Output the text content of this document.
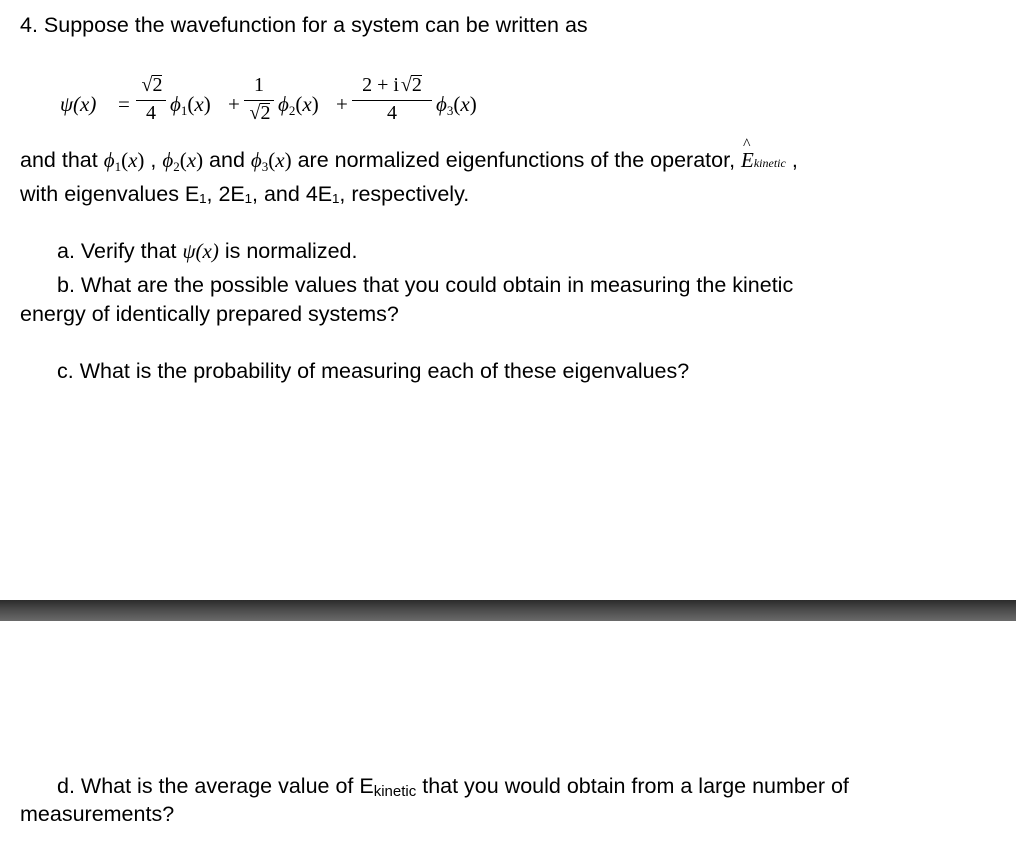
4. Suppose the wavefunction for a system can be written as
ψ(x) =
√
2
4 $\phi_1(x)$ +
1
√
2 $\phi_2(x)$ +
2 + i √
2
4	$\phi_3(x)$
and that $\phi_1(x)$ , $\phi_2(x)$ and $\phi_3(x)$ are normalized eigenfunctions of the operator,
^
Ekinetic ,
with eigenvalues E₁, 2E₁, and 4E₁, respectively.
a. Verify that ψ(x) is normalized.
b. What are the possible values that you could obtain in measuring the kinetic
energy of identically prepared systems?
c. What is the probability of measuring each of these eigenvalues?
d. What is the average value of Ekinetic that you would obtain from a large number of
measurements?
